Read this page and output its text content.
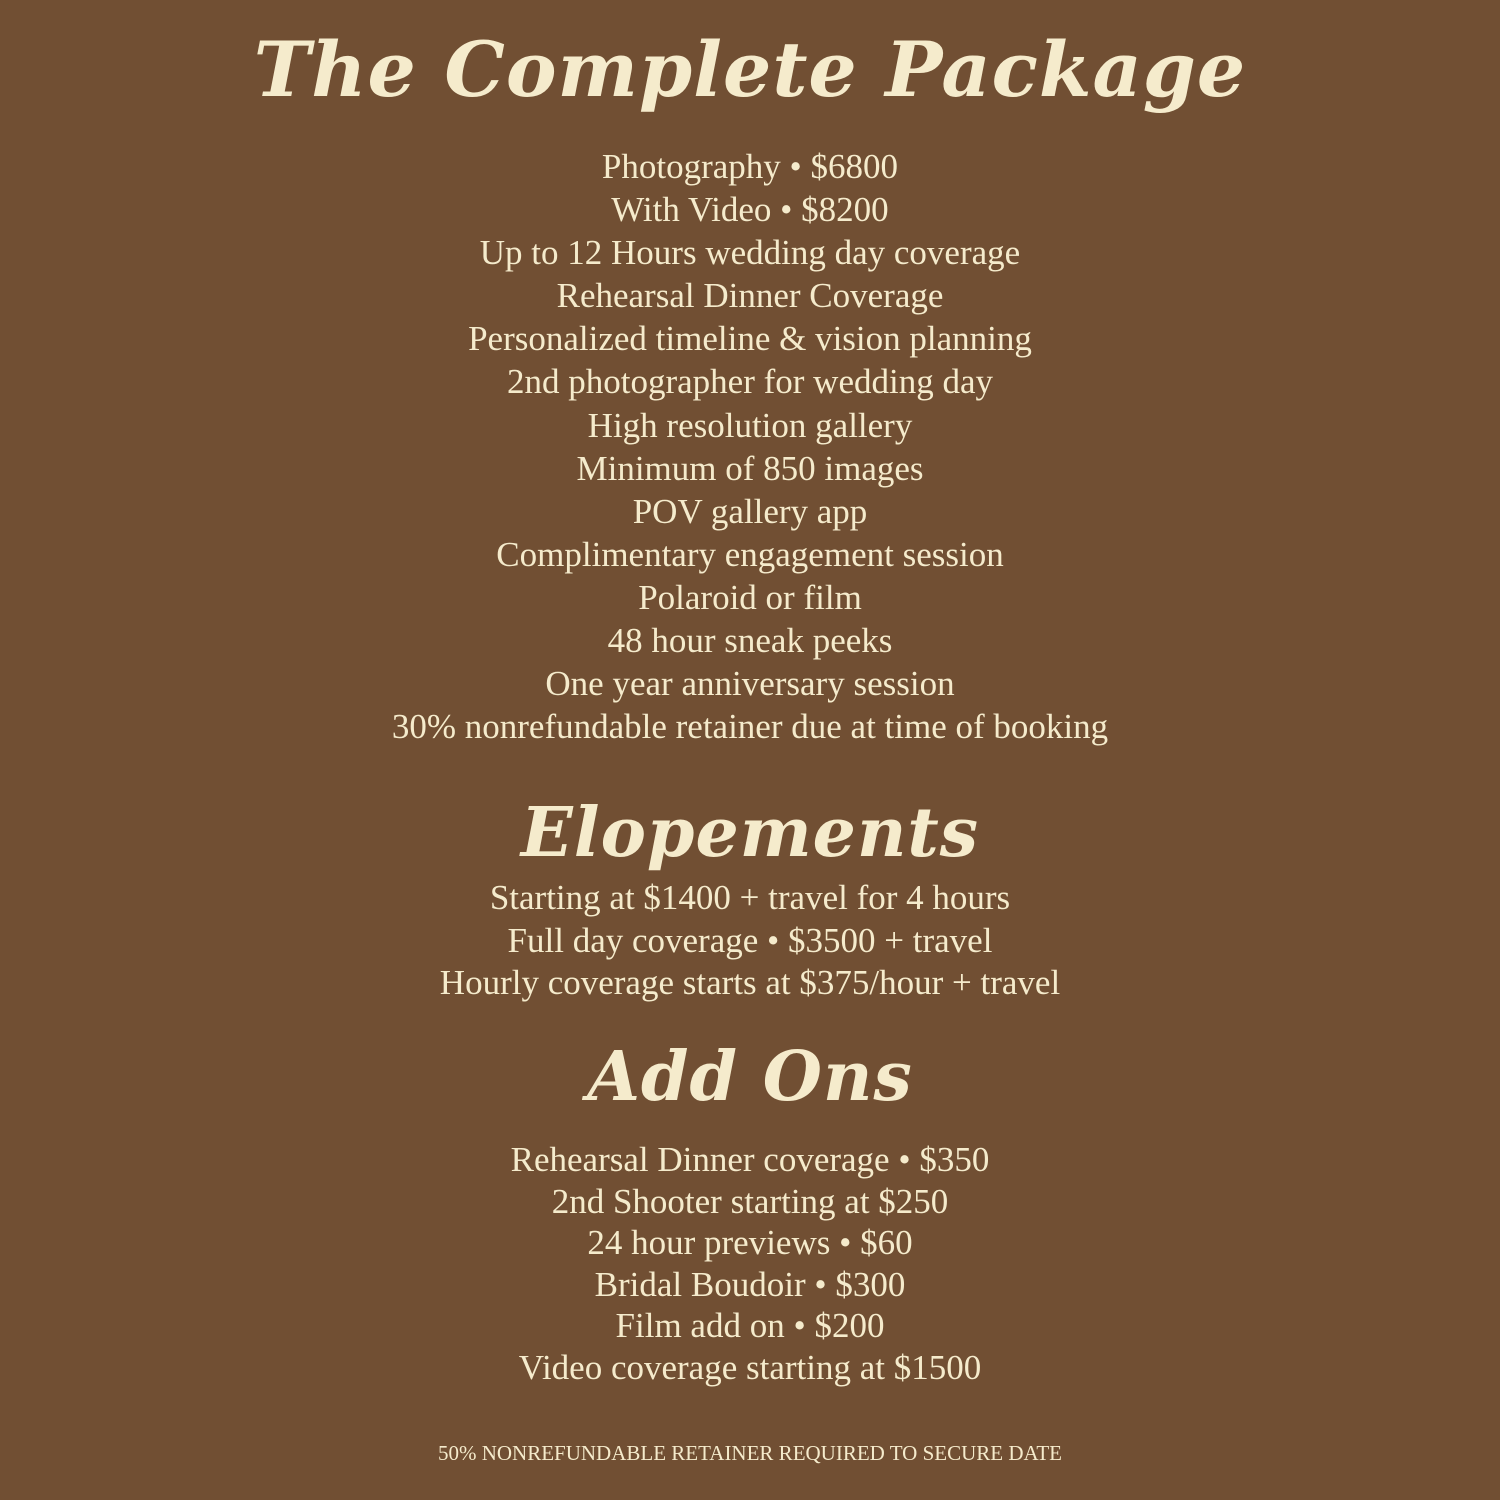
The Complete Package
Photography • $6800
With Video • $8200
Up to 12 Hours wedding day coverage
Rehearsal Dinner Coverage
Personalized timeline & vision planning
2nd photographer for wedding day
High resolution gallery
Minimum of 850 images
POV gallery app
Complimentary engagement session
Polaroid or film
48 hour sneak peeks
One year anniversary session
30% nonrefundable retainer due at time of booking
Elopements
Starting at $1400 + travel for 4 hours
Full day coverage • $3500 + travel
Hourly coverage starts at $375/hour + travel
Add Ons
Rehearsal Dinner coverage • $350
2nd Shooter starting at $250
24 hour previews • $60
Bridal Boudoir • $300
Film add on • $200
Video coverage starting at $1500

50% NONREFUNDABLE RETAINER REQUIRED TO SECURE DATE
